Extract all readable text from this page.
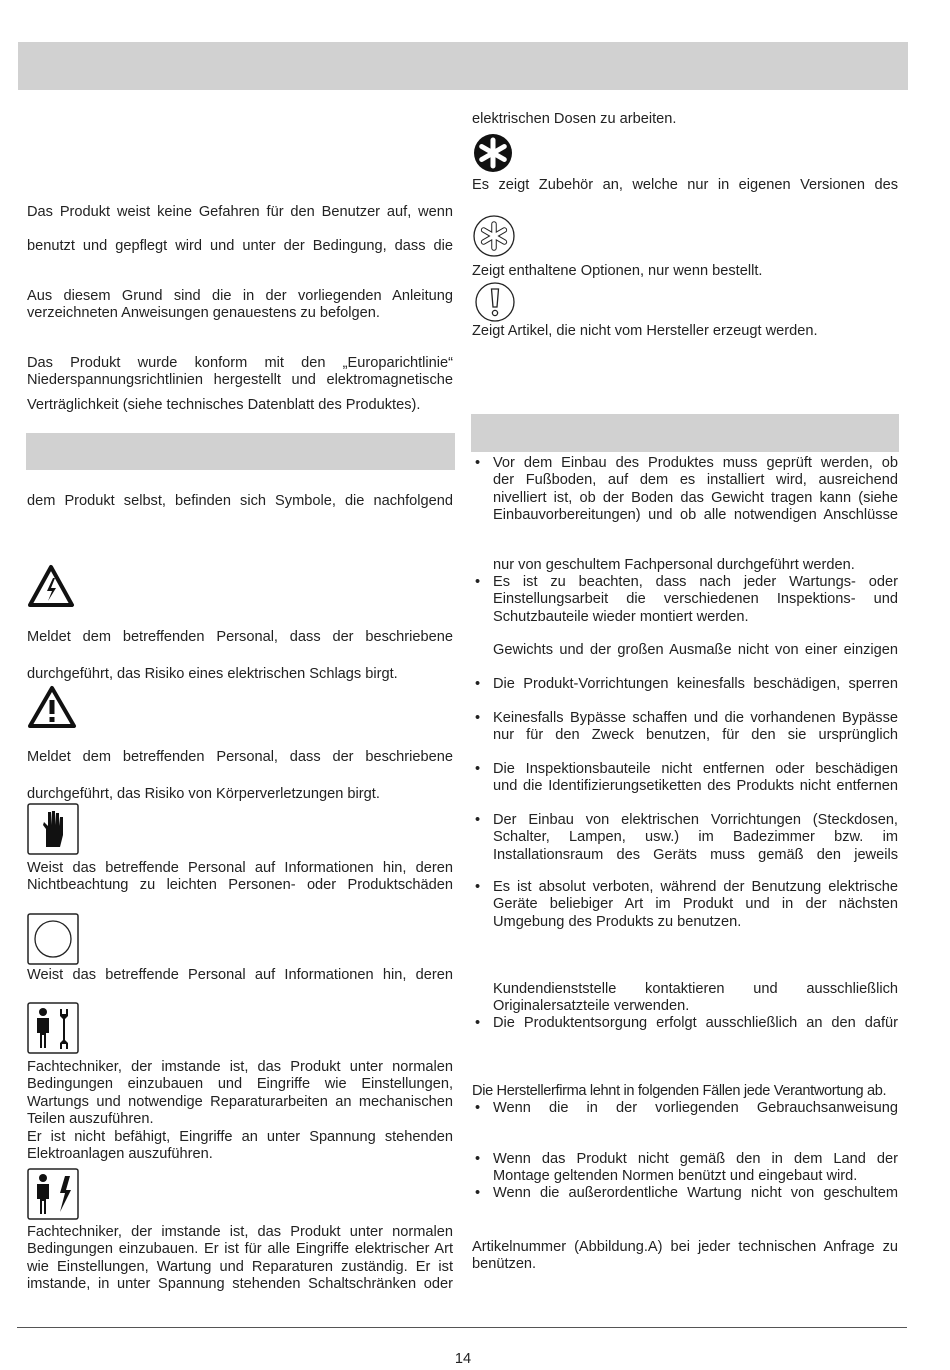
Das Produkt weist keine Gefahren für den Benutzer auf, wenn
benutzt und gepflegt wird und unter der Bedingung, dass die
Aus diesem Grund sind die in der vorliegenden Anleitung
verzeichneten Anweisungen genauestens zu befolgen.
Das Produkt wurde konform mit den „Europarichtlinie“
Niederspannungsrichtlinien hergestellt und elektromagnetische
Verträglichkeit (siehe technisches Datenblatt des Produktes).
dem Produkt selbst, befinden sich Symbole, die nachfolgend
Meldet dem betreffenden Personal, dass der beschriebene
durchgeführt, das Risiko eines elektrischen Schlags birgt.
Meldet dem betreffenden Personal, dass der beschriebene
durchgeführt, das Risiko von Körperverletzungen birgt.
Weist das betreffende Personal auf Informationen hin, deren
Nichtbeachtung zu leichten Personen- oder Produktschäden
Weist das betreffende Personal auf Informationen hin, deren
Fachtechniker, der imstande ist, das Produkt unter normalen
Bedingungen einzubauen und Eingriffe wie Einstellungen,
Wartungs und notwendige Reparaturarbeiten an mechanischen
Teilen auszuführen.
Er ist nicht befähigt, Eingriffe an unter Spannung stehenden
Elektroanlagen auszuführen.
Fachtechniker, der imstande ist, das Produkt unter normalen
Bedingungen einzubauen. Er ist für alle Eingriffe elektrischer Art
wie Einstellungen, Wartung und Reparaturen zuständig. Er ist
imstande, in unter Spannung stehenden Schaltschränken oder
elektrischen Dosen zu arbeiten.
Es zeigt Zubehör an, welche nur in eigenen Versionen des
Zeigt enthaltene Optionen, nur wenn bestellt.
Zeigt Artikel, die nicht vom Hersteller erzeugt werden.
• Vor dem Einbau des Produktes muss geprüft werden, ob
der Fußboden, auf dem es installiert wird, ausreichend
nivelliert ist, ob der Boden das Gewicht tragen kann (siehe
Einbauvorbereitungen) und ob alle notwendigen Anschlüsse
nur von geschultem Fachpersonal durchgeführt werden.
• Es ist zu beachten, dass nach jeder Wartungs- oder
Einstellungsarbeit die verschiedenen Inspektions- und
Schutzbauteile wieder montiert werden.
Gewichts und der großen Ausmaße nicht von einer einzigen
• Die Produkt-Vorrichtungen keinesfalls beschädigen, sperren
• Keinesfalls Bypässe schaffen und die vorhandenen Bypässe
nur für den Zweck benutzen, für den sie ursprünglich
• Die Inspektionsbauteile nicht entfernen oder beschädigen
und die Identifizierungsetiketten des Produkts nicht entfernen
• Der Einbau von elektrischen Vorrichtungen (Steckdosen,
Schalter, Lampen, usw.) im Badezimmer bzw. im
Installationsraum des Geräts muss gemäß den jeweils
• Es ist absolut verboten, während der Benutzung elektrische
Geräte beliebiger Art im Produkt und in der nächsten
Umgebung des Produkts zu benutzen.
Kundendienststelle kontaktieren und ausschließlich
Originalersatzteile verwenden.
• Die Produktentsorgung erfolgt ausschließlich an den dafür
Die Herstellerfirma lehnt in folgenden Fällen jede Verantwortung ab.
• Wenn die in der vorliegenden Gebrauchsanweisung
• Wenn das Produkt nicht gemäß den in dem Land der
Montage geltenden Normen benützt und eingebaut wird.
• Wenn die außerordentliche Wartung nicht von geschultem
Artikelnummer (Abbildung.A) bei jeder technischen Anfrage zu
benützen.
14
